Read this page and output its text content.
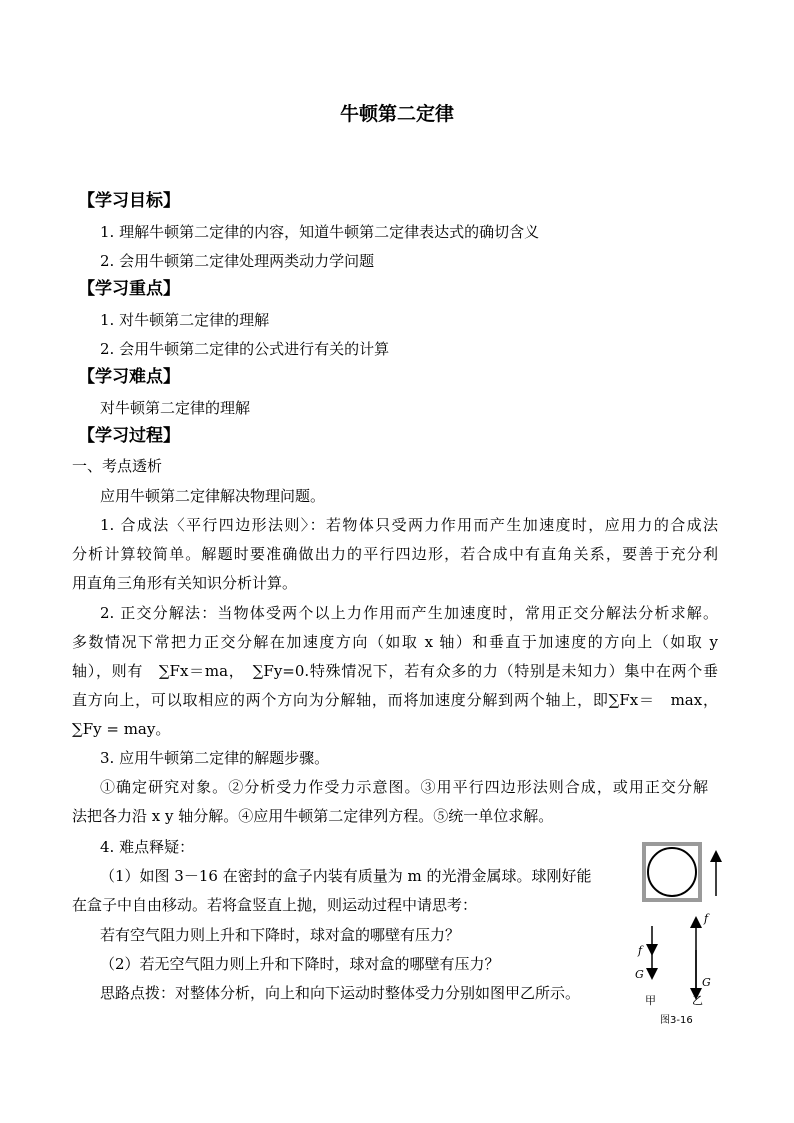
牛顿第二定律
【学习目标】
1. 理解牛顿第二定律的内容，知道牛顿第二定律表达式的确切含义
2. 会用牛顿第二定律处理两类动力学问题
【学习重点】
1. 对牛顿第二定律的理解
2. 会用牛顿第二定律的公式进行有关的计算
【学习难点】
对牛顿第二定律的理解
【学习过程】
一、考点透析
应用牛顿第二定律解决物理问题。
1. 合成法〈平行四边形法则〉：若物体只受两力作用而产生加速度时，应用力的合成法
分析计算较简单。解题时要准确做出力的平行四边形，若合成中有直角关系，要善于充分利
用直角三角形有关知识分析计算。
2. 正交分解法：当物体受两个以上力作用而产生加速度时，常用正交分解法分析求解。
多数情况下常把力正交分解在加速度方向（如取 x 轴）和垂直于加速度的方向上（如取 y
轴），则有　∑Fx＝ma，　∑Fy=0.特殊情况下，若有众多的力（特别是未知力）集中在两个垂
直方向上，可以取相应的两个方向为分解轴，而将加速度分解到两个轴上，即∑Fx＝　max，
∑Fy = may。
3. 应用牛顿第二定律的解题步骤。
①确定研究对象。②分析受力作受力示意图。③用平行四边形法则合成，或用正交分解
法把各力沿 x y 轴分解。④应用牛顿第二定律列方程。⑤统一单位求解。
4. 难点释疑：
（1）如图 3－16 在密封的盒子内装有质量为 m 的光滑金属球。球刚好能
在盒子中自由移动。若将盒竖直上抛，则运动过程中请思考：
若有空气阻力则上升和下降时，球对盒的哪壁有压力？
（2）若无空气阻力则上升和下降时，球对盒的哪壁有压力？
思路点拨：对整体分析，向上和向下运动时整体受力分别如图甲乙所示。
f
G
f
G
甲	乙
图3-16
